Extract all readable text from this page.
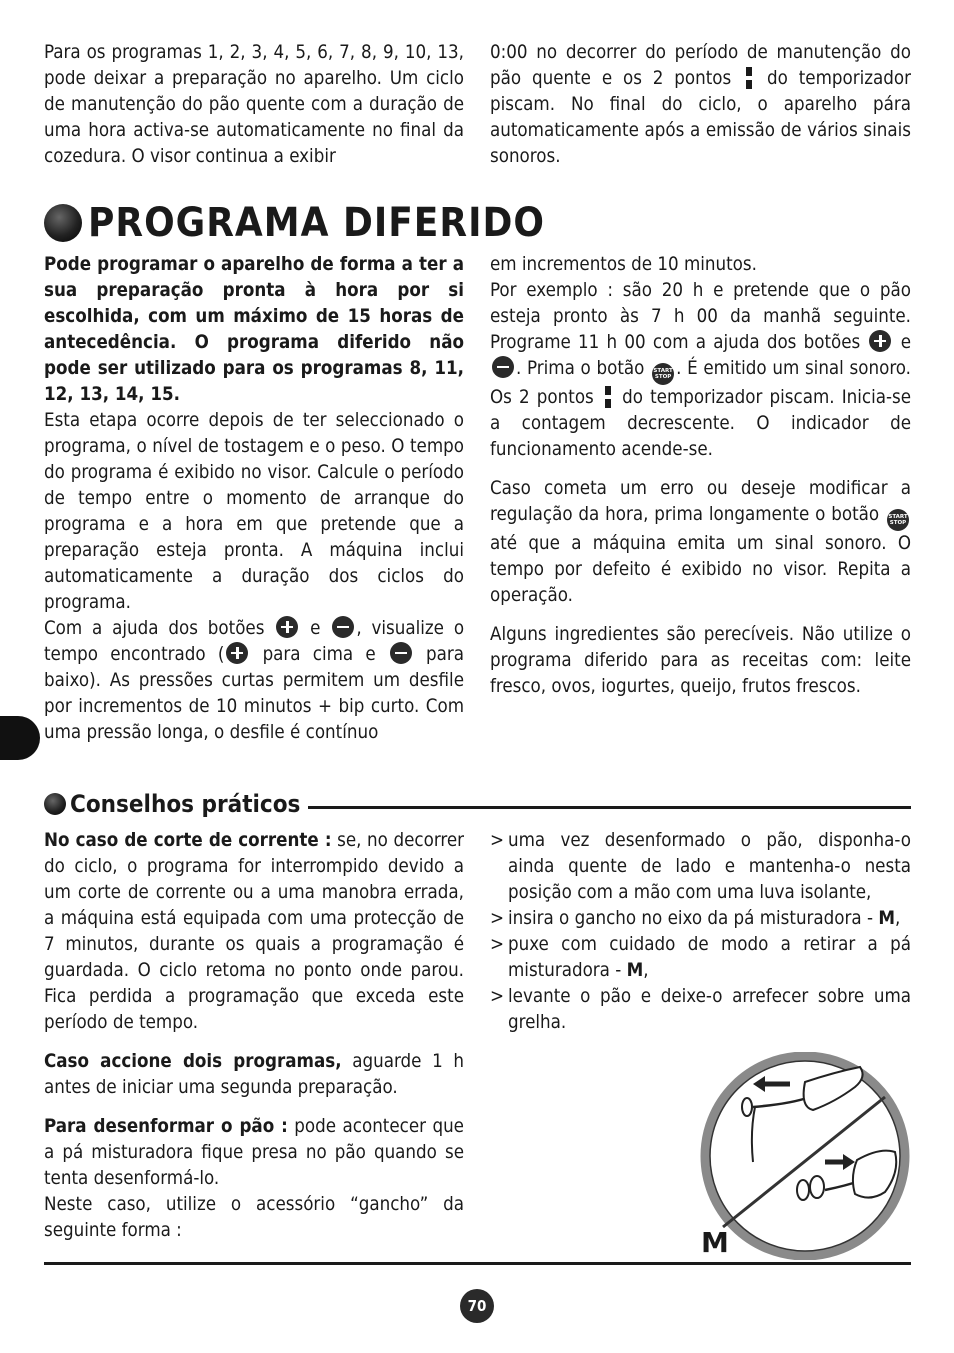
Para os programas 1, 2, 3, 4, 5, 6, 7, 8, 9, 10, 13, pode deixar a preparação no aparelho. Um ciclo de manutenção do pão quente com a duração de uma hora activa-se automaticamente no final da cozedura. O visor continua a exibir

0:00 no decorrer do período de manutenção do pão quente e os 2 pontos do temporizador piscam. No final do ciclo, o aparelho pára automaticamente após a emissão de vários sinais sonoros.

PROGRAMA DIFERIDO

Pode programar o aparelho de forma a ter a sua preparação pronta à hora por si escolhida, com um máximo de 15 horas de antecedência. O programa diferido não pode ser utilizado para os programas 8, 11, 12, 13, 14, 15.

Esta etapa ocorre depois de ter seleccionado o programa, o nível de tostagem e o peso. O tempo do programa é exibido no visor. Calcule o período de tempo entre o momento de arranque do programa e a hora em que pretende que a preparação esteja pronta. A máquina inclui automaticamente a duração dos ciclos do programa.

Com a ajuda dos botões e , visualize o tempo encontrado ( para cima e	para baixo). As pressões curtas permitem um desfile por incrementos de 10 minutos + bip curto. Com uma pressão longa, o desfile é contínuo

em incrementos de 10 minutos.

Por exemplo : são 20 h e pretende que o pão esteja pronto às 7 h 00 da manhã seguinte. Programe 11 h 00 com a ajuda dos botões e . Prima o botão START
STOP . É emitido um sinal sonoro. Os 2 pontos do temporizador piscam. Inicia-se a contagem decrescente. O indicador de funcionamento acende-se.

Caso cometa um erro ou deseje modificar a regulação da hora, prima longamente o botão START
STOP até que a máquina emita um sinal sonoro. O tempo por defeito é exibido no visor. Repita a operação.

Alguns ingredientes são perecíveis. Não utilize o programa diferido para as receitas com: leite fresco, ovos, iogurtes, queijo, frutos frescos.

Conselhos práticos

No caso de corte de corrente : se, no decorrer do ciclo, o programa for interrompido devido a um corte de corrente ou a uma manobra errada, a máquina está equipada com uma protecção de 7 minutos, durante os quais a programação é guardada. O ciclo retoma no ponto onde parou. Fica perdida a programação que exceda este período de tempo.

Caso accione dois programas, aguarde 1 h antes de iniciar uma segunda preparação.

Para desenformar o pão : pode acontecer que a pá misturadora fique presa no pão quando se tenta desenformá-lo.

Neste caso, utilize o acessório “gancho” da seguinte forma :

> uma vez desenformado o pão, disponha-o ainda quente de lado e mantenha-o nesta posição com a mão com uma luva isolante,
> insira o gancho no eixo da pá misturadora - M,
> puxe com cuidado de modo a retirar a pá misturadora - M,
> levante o pão e deixe-o arrefecer sobre uma grelha.
M
70
